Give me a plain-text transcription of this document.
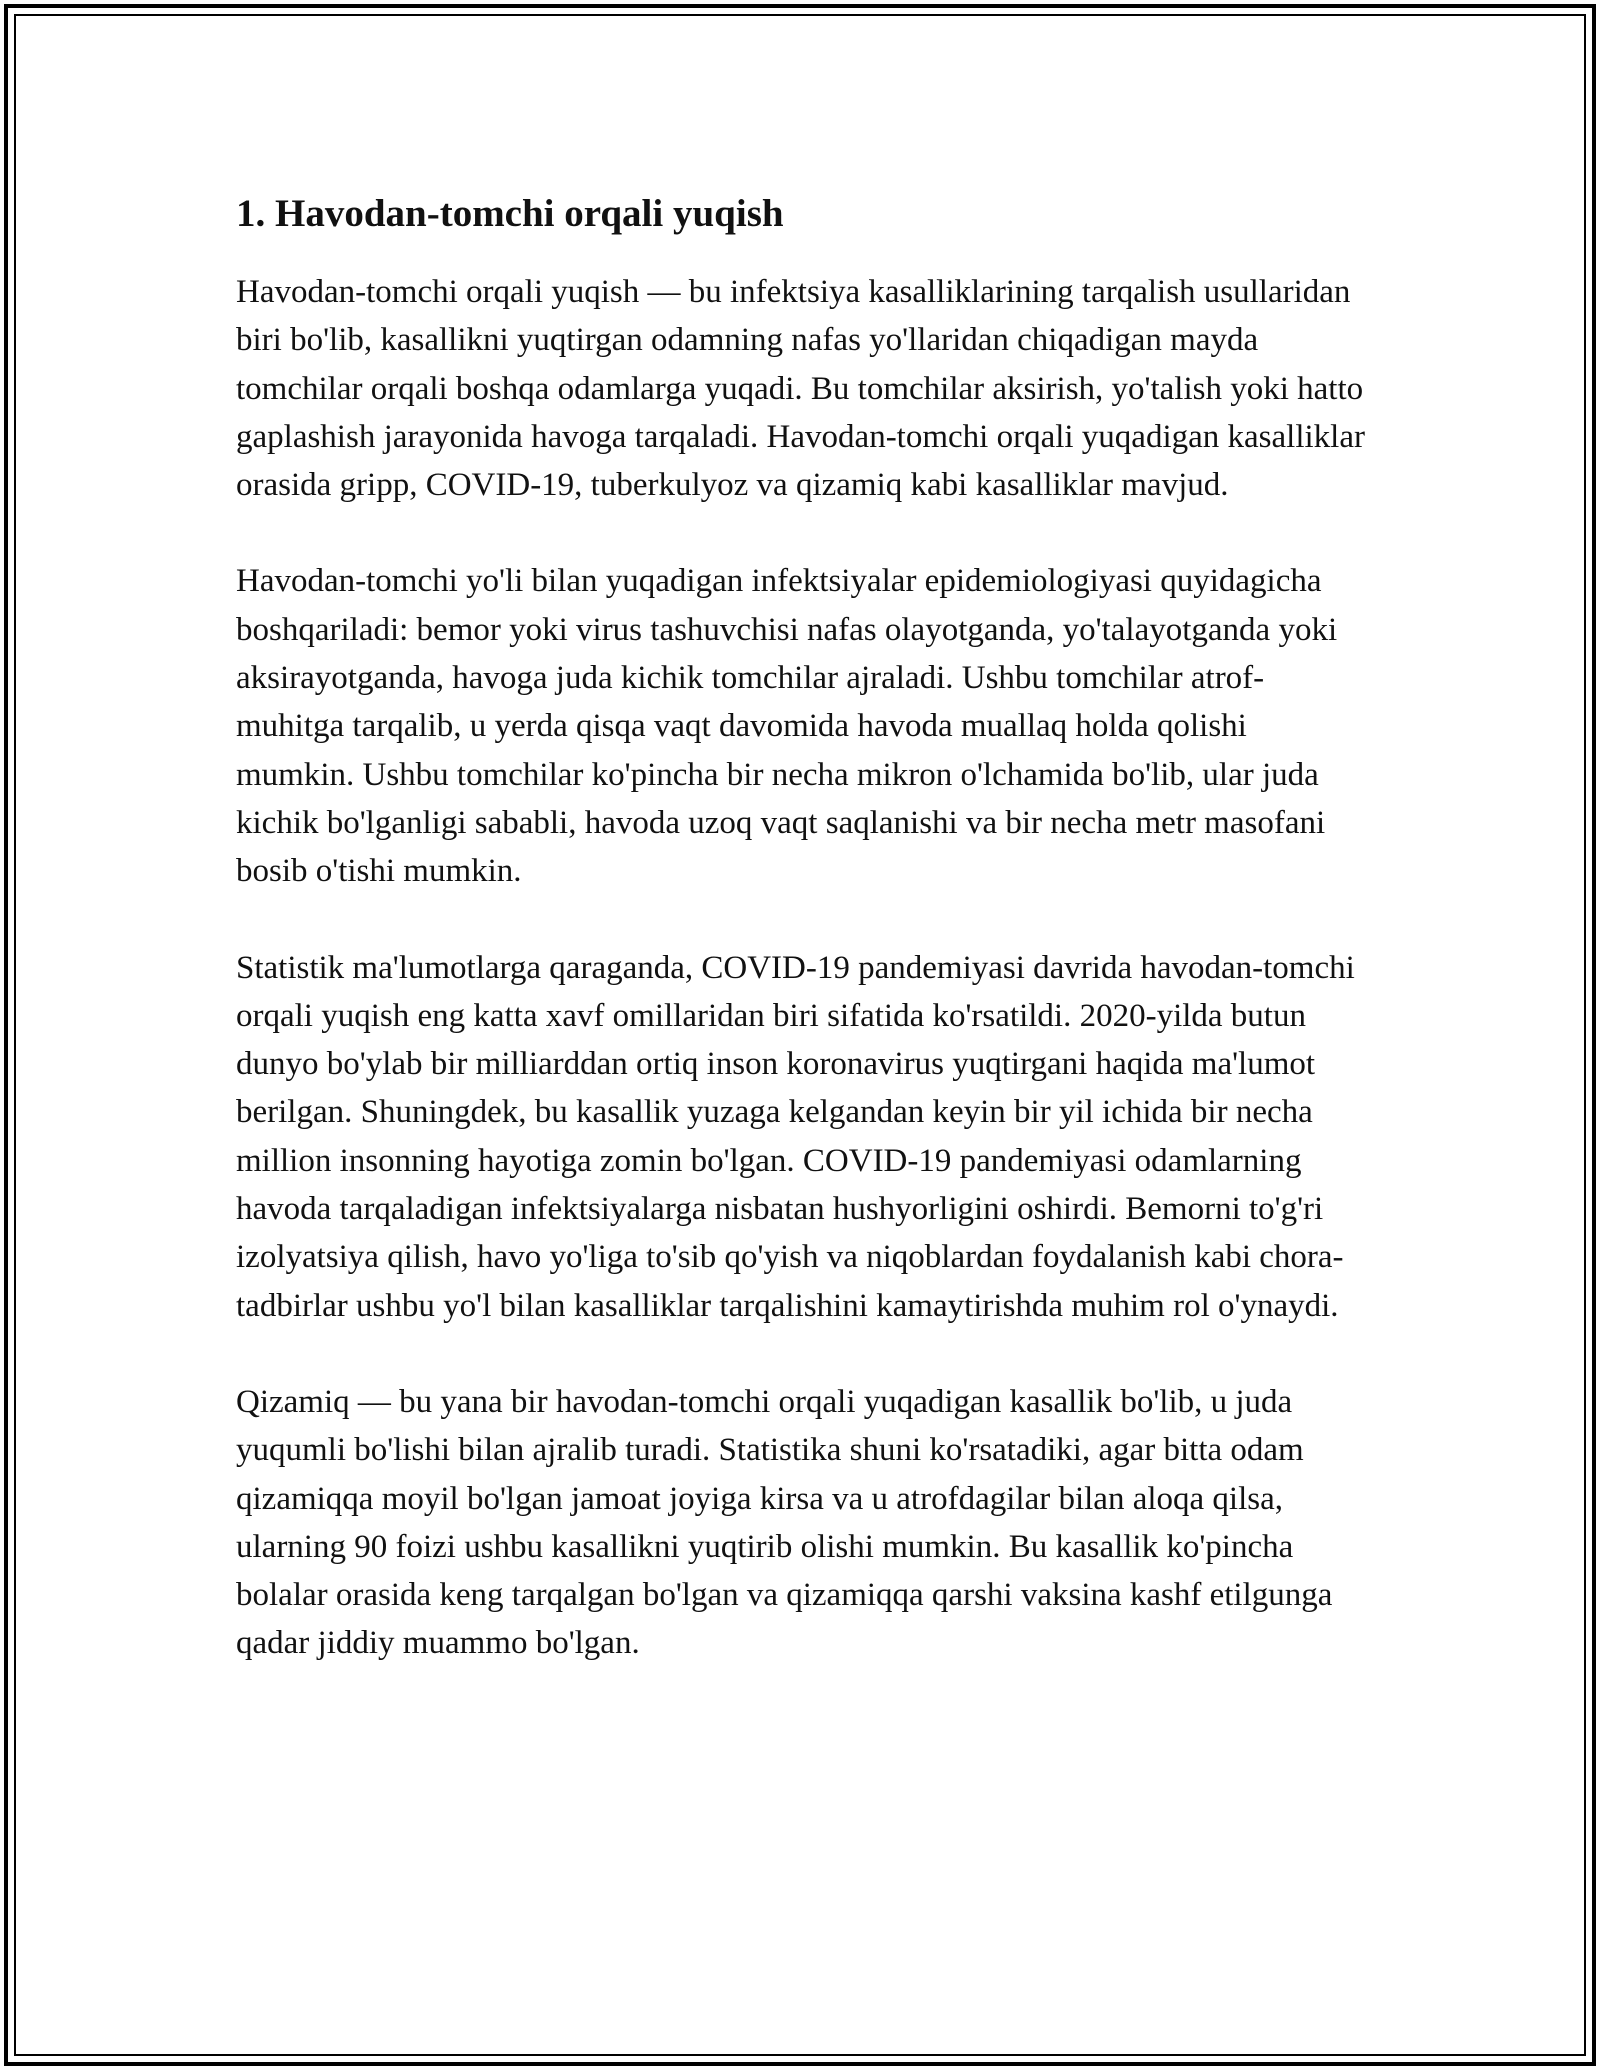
1. Havodan-tomchi orqali yuqish

Havodan-tomchi orqali yuqish — bu infektsiya kasalliklarining tarqalish usullaridan biri bo'lib, kasallikni yuqtirgan odamning nafas yo'llaridan chiqadigan mayda tomchilar orqali boshqa odamlarga yuqadi. Bu tomchilar aksirish, yo'talish yoki hatto gaplashish jarayonida havoga tarqaladi. Havodan-tomchi orqali yuqadigan kasalliklar orasida gripp, COVID-19, tuberkulyoz va qizamiq kabi kasalliklar mavjud.

Havodan-tomchi yo'li bilan yuqadigan infektsiyalar epidemiologiyasi quyidagicha boshqariladi: bemor yoki virus tashuvchisi nafas olayotganda, yo'talayotganda yoki aksirayotganda, havoga juda kichik tomchilar ajraladi. Ushbu tomchilar atrof-muhitga tarqalib, u yerda qisqa vaqt davomida havoda muallaq holda qolishi mumkin. Ushbu tomchilar ko'pincha bir necha mikron o'lchamida bo'lib, ular juda kichik bo'lganligi sababli, havoda uzoq vaqt saqlanishi va bir necha metr masofani bosib o'tishi mumkin.

Statistik ma'lumotlarga qaraganda, COVID-19 pandemiyasi davrida havodan-tomchi orqali yuqish eng katta xavf omillaridan biri sifatida ko'rsatildi. 2020-yilda butun dunyo bo'ylab bir milliarddan ortiq inson koronavirus yuqtirgani haqida ma'lumot berilgan. Shuningdek, bu kasallik yuzaga kelgandan keyin bir yil ichida bir necha million insonning hayotiga zomin bo'lgan. COVID-19 pandemiyasi odamlarning havoda tarqaladigan infektsiyalarga nisbatan hushyorligini oshirdi. Bemorni to'g'ri izolyatsiya qilish, havo yo'liga to'sib qo'yish va niqoblardan foydalanish kabi chora-tadbirlar ushbu yo'l bilan kasalliklar tarqalishini kamaytirishda muhim rol o'ynaydi.

Qizamiq — bu yana bir havodan-tomchi orqali yuqadigan kasallik bo'lib, u juda yuqumli bo'lishi bilan ajralib turadi. Statistika shuni ko'rsatadiki, agar bitta odam qizamiqqa moyil bo'lgan jamoat joyiga kirsa va u atrofdagilar bilan aloqa qilsa, ularning 90 foizi ushbu kasallikni yuqtirib olishi mumkin. Bu kasallik ko'pincha bolalar orasida keng tarqalgan bo'lgan va qizamiqqa qarshi vaksina kashf etilgunga qadar jiddiy muammo bo'lgan.
